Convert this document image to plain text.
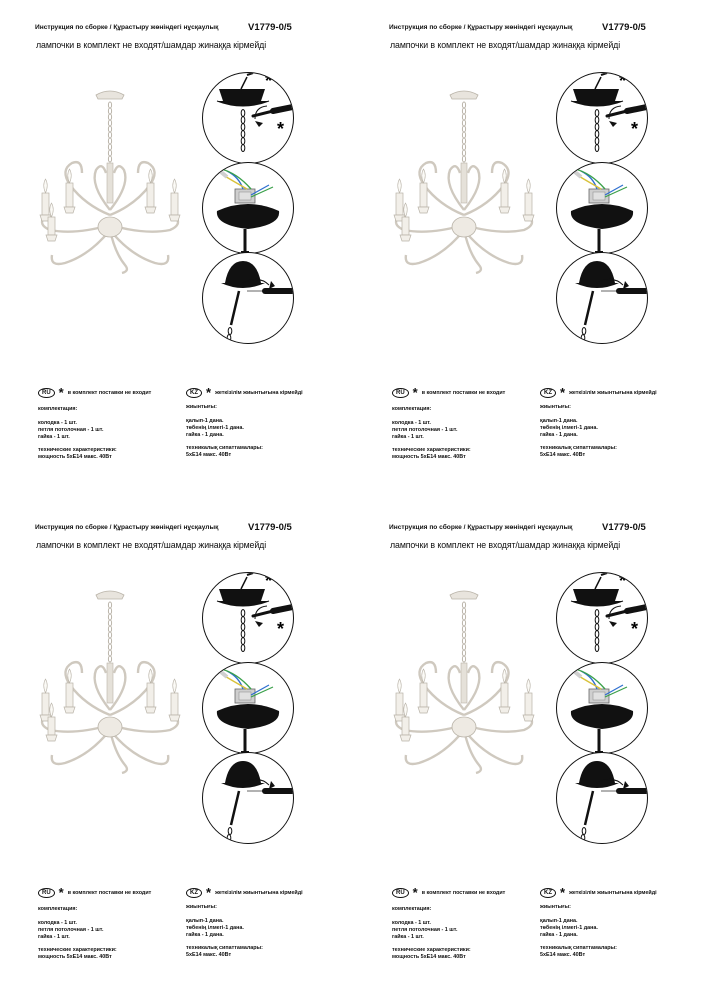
Инструкция по сборке / Құрастыру жөніндегі нұсқаулық	V1779-0/5
лампочки в комплект не входят/шамдар жинаққа кірмейді
RU * в комплект поставки не входит	KZ * жеткізілім жиынтығына кірмейді
комплектация:
колодка - 1 шт.
петля потолочная - 1 шт.
гайка - 1 шт.
технические характеристики:
мощность 5хЕ14 макс. 40Вт
жиынтығы:
қалып-1 дана.
төбенің ілмегі-1 дана.
гайка - 1 дана.
техникалық сипаттамалары:
5хЕ14 макс. 40Вт
Инструкция по сборке / Құрастыру жөніндегі нұсқаулық	V1779-0/5
лампочки в комплект не входят/шамдар жинаққа кірмейді
RU * в комплект поставки не входит	KZ * жеткізілім жиынтығына кірмейді
комплектация:
колодка - 1 шт.
петля потолочная - 1 шт.
гайка - 1 шт.
технические характеристики:
мощность 5хЕ14 макс. 40Вт
жиынтығы:
қалып-1 дана.
төбенің ілмегі-1 дана.
гайка - 1 дана.
техникалық сипаттамалары:
5хЕ14 макс. 40Вт
Инструкция по сборке / Құрастыру жөніндегі нұсқаулық	V1779-0/5
лампочки в комплект не входят/шамдар жинаққа кірмейді
RU * в комплект поставки не входит	KZ * жеткізілім жиынтығына кірмейді
комплектация:
колодка - 1 шт.
петля потолочная - 1 шт.
гайка - 1 шт.
технические характеристики:
мощность 5хЕ14 макс. 40Вт
жиынтығы:
қалып-1 дана.
төбенің ілмегі-1 дана.
гайка - 1 дана.
техникалық сипаттамалары:
5хЕ14 макс. 40Вт
Инструкция по сборке / Құрастыру жөніндегі нұсқаулық	V1779-0/5
лампочки в комплект не входят/шамдар жинаққа кірмейді
RU * в комплект поставки не входит	KZ * жеткізілім жиынтығына кірмейді
комплектация:
колодка - 1 шт.
петля потолочная - 1 шт.
гайка - 1 шт.
технические характеристики:
мощность 5хЕ14 макс. 40Вт
жиынтығы:
қалып-1 дана.
төбенің ілмегі-1 дана.
гайка - 1 дана.
техникалық сипаттамалары:
5хЕ14 макс. 40Вт
